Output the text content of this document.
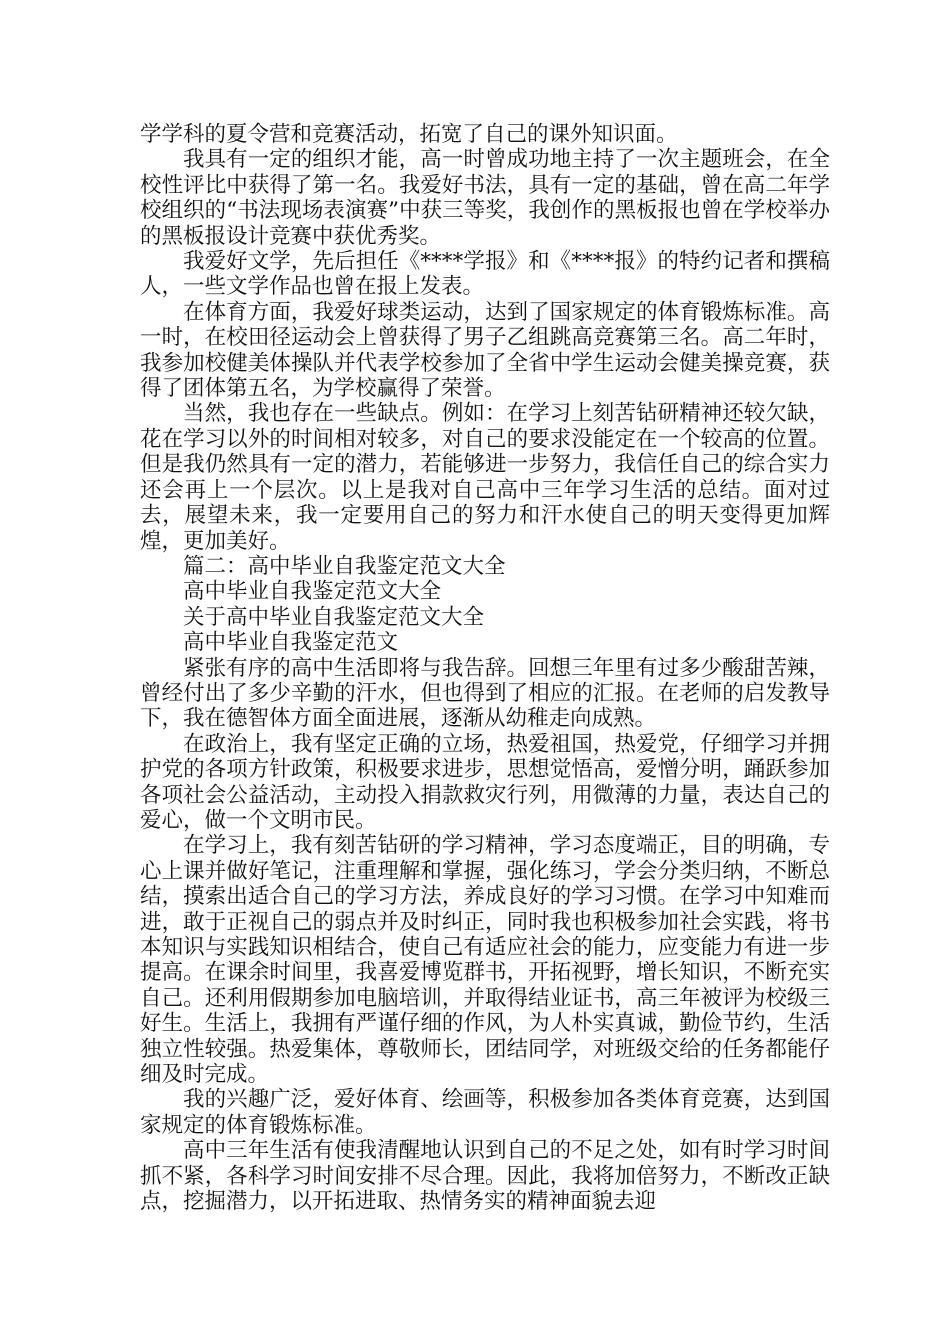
学学科的夏令营和竞赛活动，拓宽了自己的课外知识面。

我具有一定的组织才能，高一时曾成功地主持了一次主题班会，在全校性评比中获得了第一名。我爱好书法，具有一定的基础，曾在高二年学校组织的“书法现场表演赛”中获三等奖，我创作的黑板报也曾在学校举办的黑板报设计竞赛中获优秀奖。

我爱好文学，先后担任《****学报》和《****报》的特约记者和撰稿人，一些文学作品也曾在报上发表。

在体育方面，我爱好球类运动，达到了国家规定的体育锻炼标准。高一时，在校田径运动会上曾获得了男子乙组跳高竞赛第三名。高二年时，我参加校健美体操队并代表学校参加了全省中学生运动会健美操竞赛，获得了团体第五名，为学校赢得了荣誉。

当然，我也存在一些缺点。例如：在学习上刻苦钻研精神还较欠缺，花在学习以外的时间相对较多，对自己的要求没能定在一个较高的位置。但是我仍然具有一定的潜力，若能够进一步努力，我信任自己的综合实力还会再上一个层次。以上是我对自己高中三年学习生活的总结。面对过去，展望未来，我一定要用自己的努力和汗水使自己的明天变得更加辉煌，更加美好。

篇二：高中毕业自我鉴定范文大全

高中毕业自我鉴定范文大全

关于高中毕业自我鉴定范文大全

高中毕业自我鉴定范文

紧张有序的高中生活即将与我告辞。回想三年里有过多少酸甜苦辣，曾经付出了多少辛勤的汗水，但也得到了相应的汇报。在老师的启发教导下，我在德智体方面全面进展，逐渐从幼稚走向成熟。

在政治上，我有坚定正确的立场，热爱祖国，热爱党，仔细学习并拥护党的各项方针政策，积极要求进步，思想觉悟高，爱憎分明，踊跃参加各项社会公益活动，主动投入捐款救灾行列，用微薄的力量，表达自己的爱心，做一个文明市民。

在学习上，我有刻苦钻研的学习精神，学习态度端正，目的明确，专心上课并做好笔记，注重理解和掌握，强化练习，学会分类归纳，不断总结，摸索出适合自己的学习方法，养成良好的学习习惯。在学习中知难而进，敢于正视自己的弱点并及时纠正，同时我也积极参加社会实践，将书本知识与实践知识相结合，使自己有适应社会的能力，应变能力有进一步提高。在课余时间里，我喜爱博览群书，开拓视野，增长知识，不断充实自己。还利用假期参加电脑培训，并取得结业证书，高三年被评为校级三好生。生活上，我拥有严谨仔细的作风，为人朴实真诚，勤俭节约，生活独立性较强。热爱集体，尊敬师长，团结同学，对班级交给的任务都能仔细及时完成。

我的兴趣广泛，爱好体育、绘画等，积极参加各类体育竞赛，达到国家规定的体育锻炼标准。

高中三年生活有使我清醒地认识到自己的不足之处，如有时学习时间抓不紧，各科学习时间安排不尽合理。因此，我将加倍努力，不断改正缺点，挖掘潜力，以开拓进取、热情务实的精神面貌去迎
